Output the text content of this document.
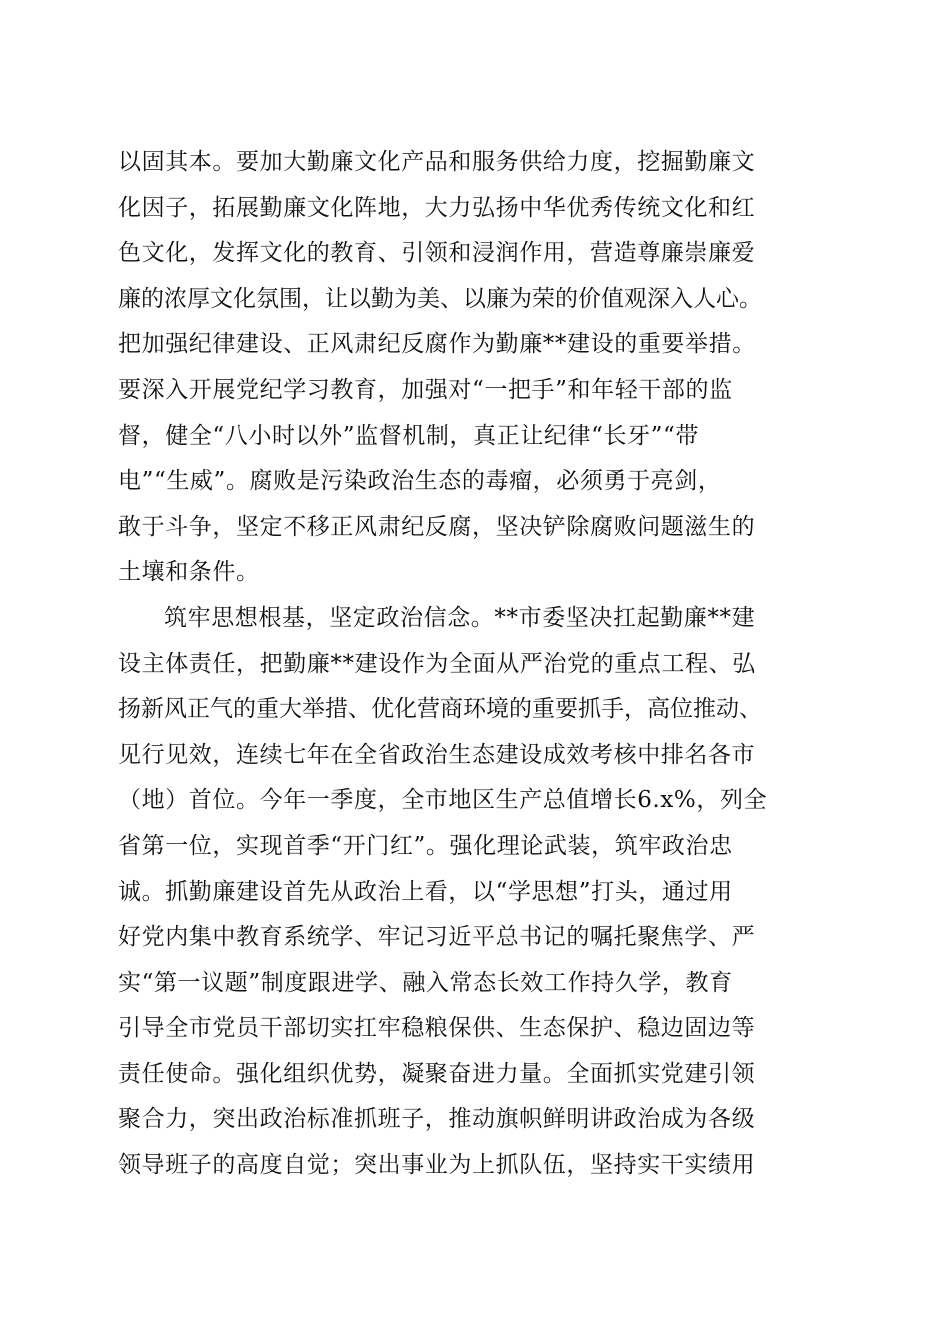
以固其本。要加大勤廉文化产品和服务供给力度，挖掘勤廉文
化因子，拓展勤廉文化阵地，大力弘扬中华优秀传统文化和红
色文化，发挥文化的教育、引领和浸润作用，营造尊廉崇廉爱
廉的浓厚文化氛围，让以勤为美、以廉为荣的价值观深入人心。
把加强纪律建设、正风肃纪反腐作为勤廉**建设的重要举措。
要深入开展党纪学习教育，加强对“一把手”和年轻干部的监
督，健全“八小时以外”监督机制，真正让纪律“长牙”“带
电”“生威”。腐败是污染政治生态的毒瘤，必须勇于亮剑，
敢于斗争，坚定不移正风肃纪反腐，坚决铲除腐败问题滋生的
土壤和条件。
筑牢思想根基，坚定政治信念。**市委坚决扛起勤廉**建
设主体责任，把勤廉**建设作为全面从严治党的重点工程、弘
扬新风正气的重大举措、优化营商环境的重要抓手，高位推动、
见行见效，连续七年在全省政治生态建设成效考核中排名各市
（地）首位。今年一季度，全市地区生产总值增长6.x%，列全
省第一位，实现首季“开门红”。强化理论武装，筑牢政治忠
诚。抓勤廉建设首先从政治上看，以“学思想”打头，通过用
好党内集中教育系统学、牢记习近平总书记的嘱托聚焦学、严
实“第一议题”制度跟进学、融入常态长效工作持久学，教育
引导全市党员干部切实扛牢稳粮保供、生态保护、稳边固边等
责任使命。强化组织优势，凝聚奋进力量。全面抓实党建引领
聚合力，突出政治标准抓班子，推动旗帜鲜明讲政治成为各级
领导班子的高度自觉；突出事业为上抓队伍，坚持实干实绩用
